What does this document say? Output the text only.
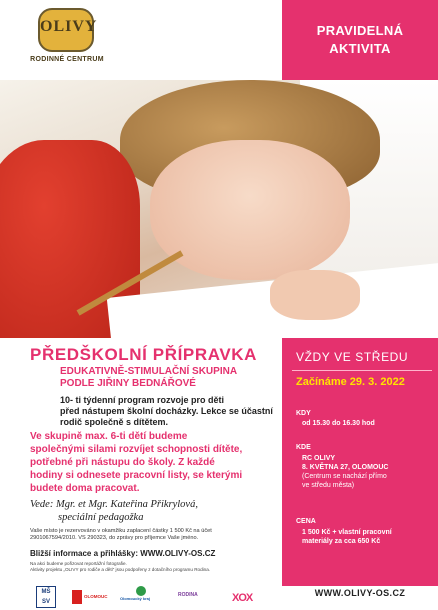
OLIVY
RODINNÉ CENTRUM
PRAVIDELNÁ
AKTIVITA
PŘEDŠKOLNÍ PŘÍPRAVKA
EDUKATIVNĚ-STIMULAČNÍ SKUPINA
PODLE JIŘINY BEDNÁŘOVÉ
10- ti týdenní program rozvoje pro děti
před nástupem školní docházky. Lekce se účastní
rodič společně s dítětem.
Ve skupině max. 6-ti dětí budeme
společnými silami rozvíjet schopnosti dítěte,
potřebné při nástupu do školy. Z každé
hodiny si odnesete pracovní listy, se kterými
budete doma pracovat.
Vede: Mgr. et Mgr. Kateřina Přikrylová,
speciální pedagožka
Vaše místo je rezervováno v okamžiku zaplacení částky 1 500 Kč na účet
2901067594/2010. VS 290323, do zprávy pro příjemce Vaše jméno.
Bližší informace a přihlášky: WWW.OLIVY-OS.CZ
Na akci budeme pořizovat reportážní fotografie.
Aktivity projektu „OLIVY pro rodiče a děti" jsou podpořeny z dotačního programu Rodina.
VŽDY VE STŘEDU
Začínáme 29. 3. 2022
KDY
od 15.30 do 16.30 hod
KDE
RC OLIVY
8. KVĚTNA 27, OLOMOUC
(Centrum se nachází přímo
ve středu města)
CENA
1 500 Kč + vlastní pracovní
materiály za cca 650 Kč
MŠ
SV
OLOMOUC	Olomoucký kraj
RODINA	XOX	WWW.OLIVY-OS.CZ
